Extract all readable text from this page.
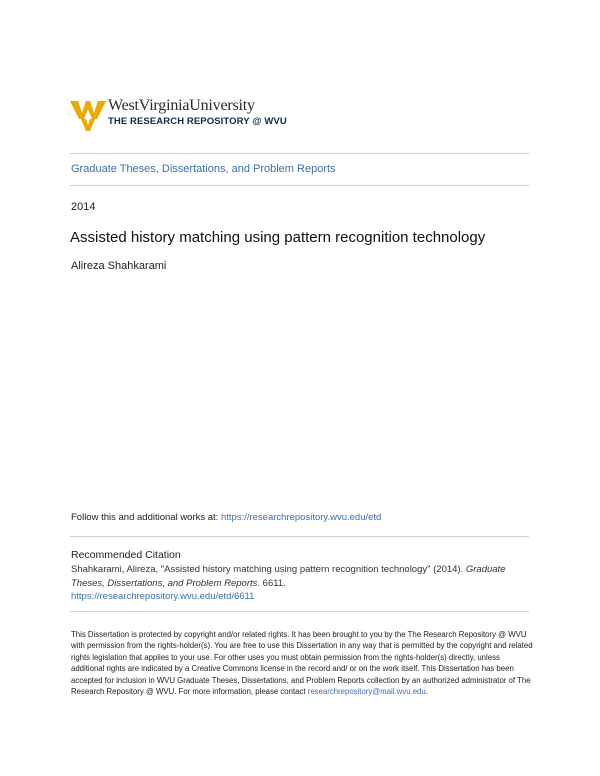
WestVirginiaUniversity
THE RESEARCH REPOSITORY @ WVU
Graduate Theses, Dissertations, and Problem Reports
2014
Assisted history matching using pattern recognition technology
Alireza Shahkarami
Follow this and additional works at: https://researchrepository.wvu.edu/etd
Recommended Citation
Shahkarami, Alireza, "Assisted history matching using pattern recognition technology" (2014). Graduate Theses, Dissertations, and Problem Reports. 6611.
https://researchrepository.wvu.edu/etd/6611
This Dissertation is protected by copyright and/or related rights. It has been brought to you by the The Research Repository @ WVU with permission from the rights-holder(s). You are free to use this Dissertation in any way that is permitted by the copyright and related rights legislation that applies to your use. For other uses you must obtain permission from the rights-holder(s) directly, unless additional rights are indicated by a Creative Commons license in the record and/ or on the work itself. This Dissertation has been accepted for inclusion in WVU Graduate Theses, Dissertations, and Problem Reports collection by an authorized administrator of The Research Repository @ WVU. For more information, please contact researchrepository@mail.wvu.edu.
